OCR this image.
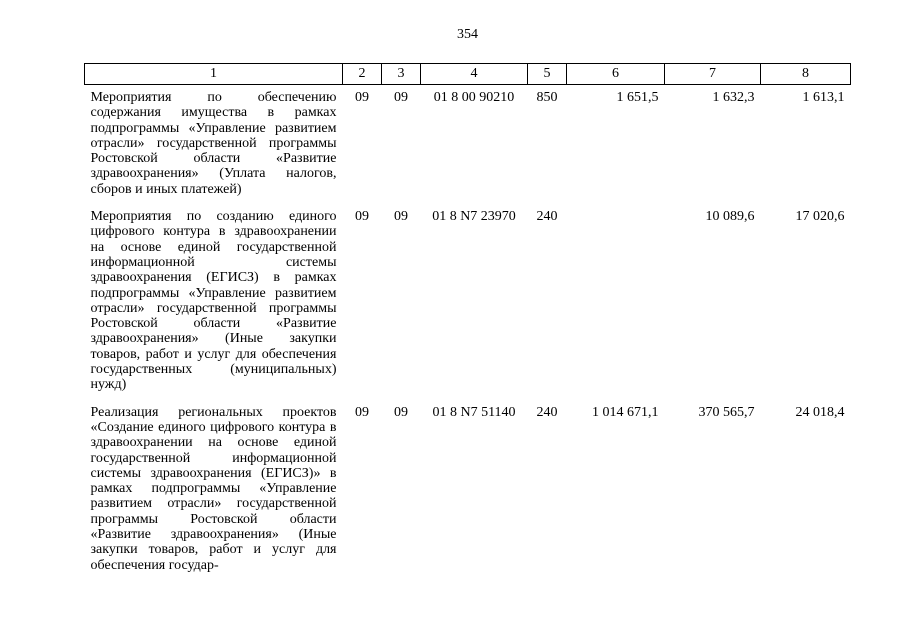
354
1	2	3	4	5	6	7	8
Мероприятия по обеспечению содержания имущества в рамках подпрограммы «Управление развитием отрасли» государственной программы Ростовской области «Развитие здравоохранения» (Уплата налогов, сборов и иных платежей)	09	09	01 8 00 90210	850	1 651,5	1 632,3	1 613,1
Мероприятия по созданию единого цифрового контура в здравоохранении на основе единой государственной информационной системы здравоохранения (ЕГИСЗ) в рамках подпрограммы «Управление развитием отрасли» государственной программы Ростовской области «Развитие здравоохранения» (Иные закупки товаров, работ и услуг для обеспечения государственных (муниципальных) нужд)	09	09	01 8 N7 23970	240		10 089,6	17 020,6
Реализация региональных проектов «Создание единого цифрового контура в здравоохранении на основе единой государственной информационной системы здравоохранения (ЕГИСЗ)» в рамках подпрограммы «Управление развитием отрасли» государственной программы Ростовской области «Развитие здравоохранения» (Иные закупки товаров, работ и услуг для обеспечения государ-	09	09	01 8 N7 51140	240	1 014 671,1	370 565,7	24 018,4
